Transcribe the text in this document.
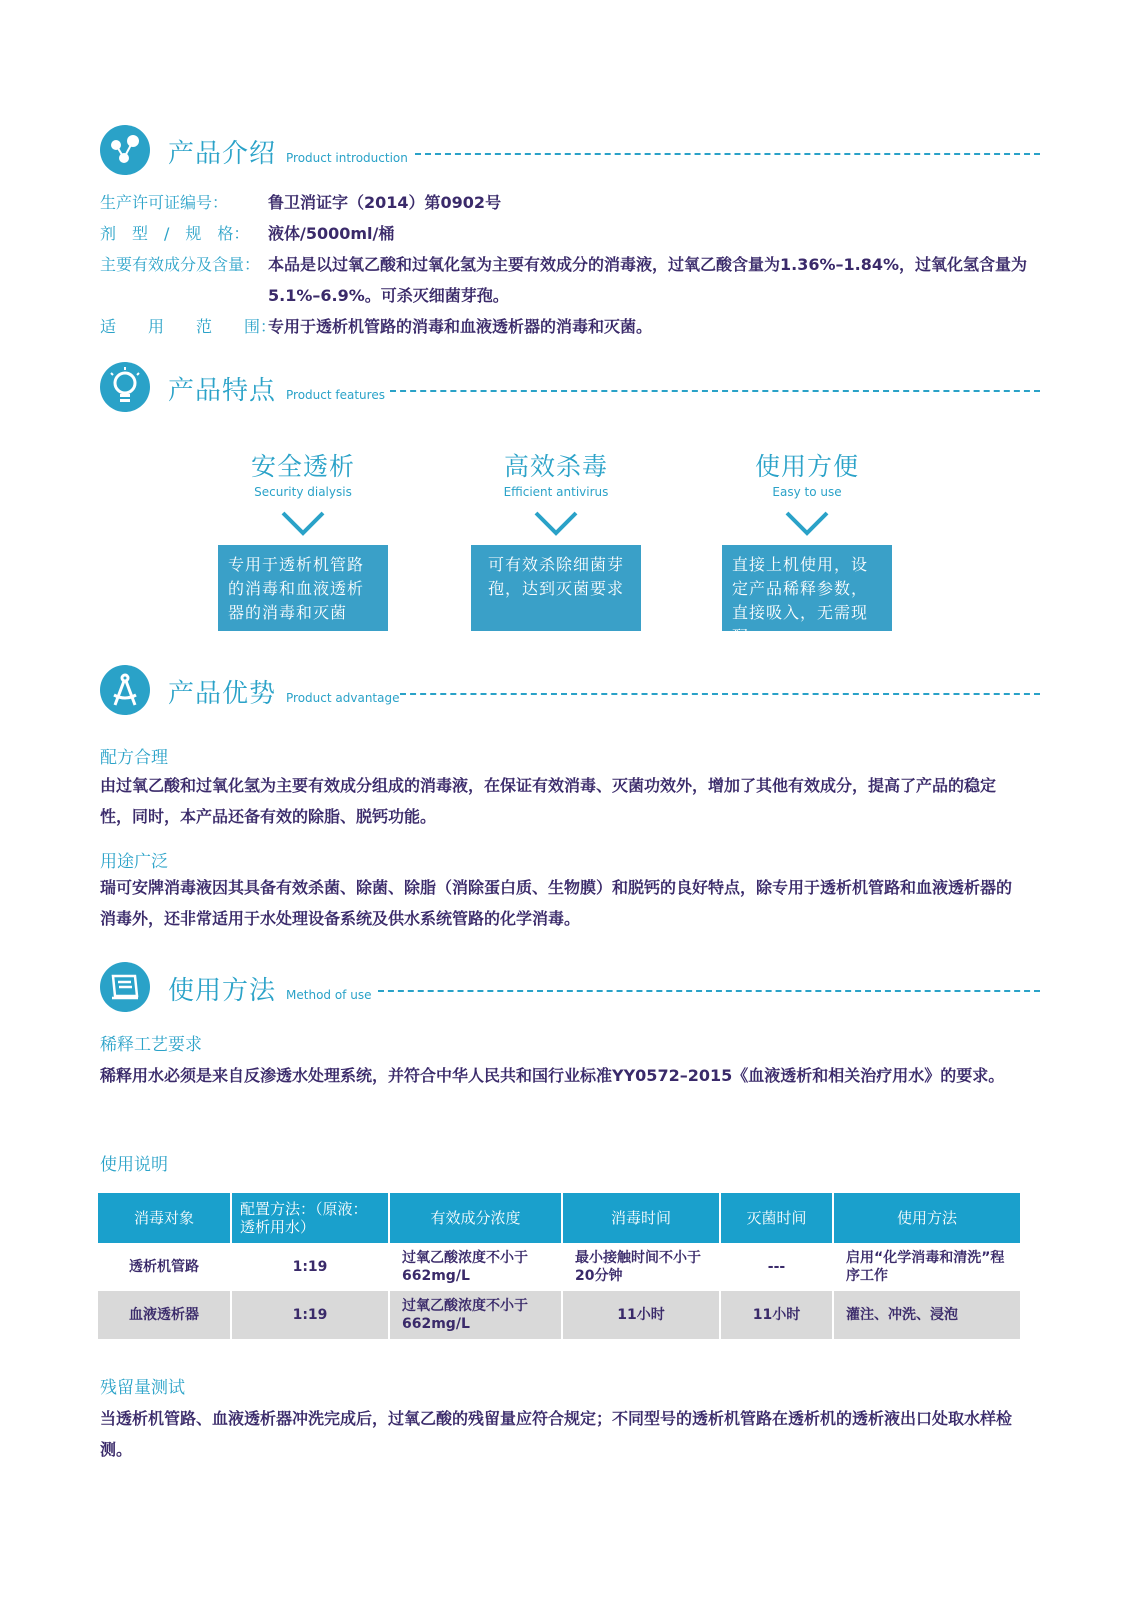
产品介绍 Product introduction
生产许可证编号：	鲁卫消证字（2014）第0902号
剂　型　/　规　格：	液体/5000ml/桶
主要有效成分及含量： 本品是以过氧乙酸和过氧化氢为主要有效成分的消毒液，过氧乙酸含量为1.36%–1.84%，过氧化氢含量为5.1%–6.9%。可杀灭细菌芽孢。
适　　用　　范　　围：
专用于透析机管路的消毒和血液透析器的消毒和灭菌。
产品特点 Product features
安全透析
Security dialysis
专用于透析机管路的消毒和血液透析器的消毒和灭菌
高效杀毒
Efficient antivirus
可有效杀除细菌芽孢，达到灭菌要求
使用方便
Easy to use
直接上机使用，设定产品稀释参数，直接吸入，无需现配
产品优势 Product advantage
配方合理
由过氧乙酸和过氧化氢为主要有效成分组成的消毒液，在保证有效消毒、灭菌功效外，增加了其他有效成分，提高了产品的稳定性，同时，本产品还备有效的除脂、脱钙功能。
用途广泛
瑞可安牌消毒液因其具备有效杀菌、除菌、除脂（消除蛋白质、生物膜）和脱钙的良好特点，除专用于透析机管路和血液透析器的消毒外，还非常适用于水处理设备系统及供水系统管路的化学消毒。
使用方法 Method of use
稀释工艺要求
稀释用水必须是来自反渗透水处理系统，并符合中华人民共和国行业标准YY0572–2015《血液透析和相关治疗用水》的要求。
使用说明
消毒对象	配置方法：（原液：透析用水）	有效成分浓度	消毒时间	灭菌时间	使用方法
透析机管路	1:19	过氧乙酸浓度不小于662mg/L	最小接触时间不小于20分钟	---	启用“化学消毒和清洗”程序工作
血液透析器	1:19	过氧乙酸浓度不小于662mg/L	11小时	11小时	灌注、冲洗、浸泡
残留量测试
当透析机管路、血液透析器冲洗完成后，过氧乙酸的残留量应符合规定；不同型号的透析机管路在透析机的透析液出口处取水样检测。
